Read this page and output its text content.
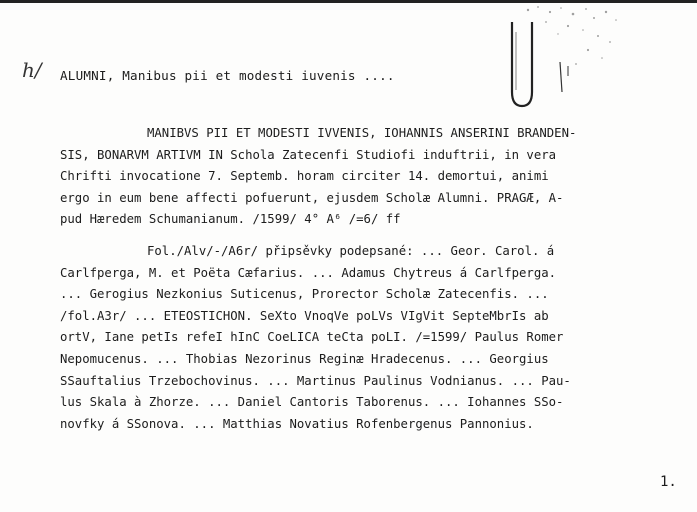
h/ ALUMNI, Manibus pii et modesti iuvenis ....

MANIBVS PII ET MODESTI IVVENIS, IOHANNIS ANSERINI BRANDEN-

SIS, BONARVM ARTIVM IN Schola Zatecenfi Studiofi induftrii, in vera

Chrifti invocatione 7. Septemb. horam circiter 14. demortui, animi

ergo in eum bene affecti pofuerunt, ejusdem Scholæ Alumni. PRAGÆ, A-

pud Hæredem Schumanianum. /1599/ 4° A⁶ /=6/ ff

Fol./Alv/-/A6r/ připsěvky podepsané: ... Geor. Carol. á

Carlfperga, M. et Poëta Cæfarius. ... Adamus Chytreus á Carlfperga.

... Gerogius Nezkonius Suticenus, Prorector Scholæ Zatecenfis. ...

/fol.A3r/ ... ETEOSTICHON. SeXto VnoqVe poLVs VIgVit SepteMbrIs ab

ortV, Iane petIs refeI hInC CoeLICA teCta poLI. /=1599/ Paulus Romer

Nepomucenus. ... Thobias Nezorinus Reginæ Hradecenus. ... Georgius

SSauftalius Trzebochovinus. ... Martinus Paulinus Vodnianus. ... Pau-

lus Skala à Zhorze. ... Daniel Cantoris Taborenus. ... Iohannes SSo-

novfky á SSonova. ... Matthias Novatius Rofenbergenus Pannonius.

1.
